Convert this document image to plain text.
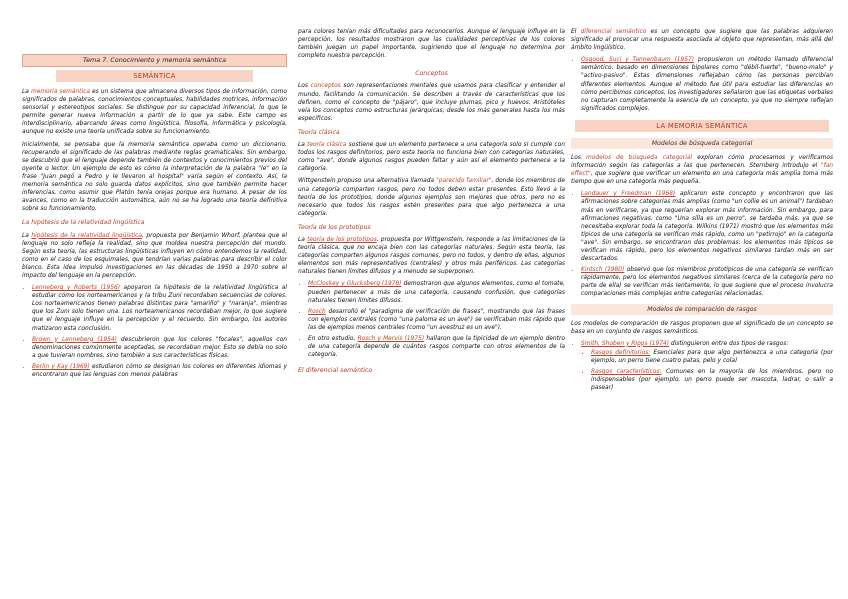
Tema 7. Conocimiento y memoria semántica
SEMÁNTICA

La memoria semántica es un sistema que almacena diversos tipos de información, como significados de palabras, conocimientos conceptuales, habilidades motrices, información sensorial y estereotipos sociales. Se distingue por su capacidad inferencial, lo que le permite generar nueva información a partir de lo que ya sabe. Este campo es interdisciplinario, abarcando áreas como lingüística, filosofía, informática y psicología, aunque no existe una teoría unificada sobre su funcionamiento.

Inicialmente, se pensaba que la memoria semántica operaba como un diccionario, recuperando el significado de las palabras mediante reglas gramaticales. Sin embargo, se descubrió que el lenguaje depende también de contextos y conocimientos previos del oyente o lector. Un ejemplo de esto es cómo la interpretación de la palabra "le" en la frase "Juan pegó a Pedro y le llevaron al hospital" varía según el contexto. Así, la memoria semántica no solo guarda datos explícitos, sino que también permite hacer inferencias, como asumir que Platón tenía orejas porque era humano. A pesar de los avances, como en la traducción automática, aún no se ha logrado una teoría definitiva sobre su funcionamiento.

La hipótesis de la relatividad lingüística

La hipótesis de la relatividad lingüística, propuesta por Benjamin Whorf, plantea que el lenguaje no solo refleja la realidad, sino que moldea nuestra percepción del mundo. Según esta teoría, las estructuras lingüísticas influyen en cómo entendemos la realidad, como en el caso de los esquimales, que tendrían varias palabras para describir el color blanco. Esta idea impulsó investigaciones en las décadas de 1950 a 1970 sobre el impacto del lenguaje en la percepción.

• Lenneberg y Roberts (1956) apoyaron la hipótesis de la relatividad lingüística al estudiar cómo los norteamericanos y la tribu Zuni recordaban secuencias de colores. Los norteamericanos tienen palabras distintas para "amarillo" y "naranja", mientras que los Zuni solo tienen una. Los norteamericanos recordaban mejor, lo que sugiere que el lenguaje influye en la percepción y el recuerdo. Sin embargo, los autores matizaron esta conclusión.
• Brown y Lenneberg (1954) descubrieron que los colores "focales", aquellos con denominaciones comúnmente aceptadas, se recordaban mejor. Esto se debía no solo a que tuvieran nombres, sino también a sus características físicas.
• Berlin y Kay (1969) estudiaron cómo se designan los colores en diferentes idiomas y encontraron que las lenguas con menos palabras

para colores tenían más dificultades para reconocerlos. Aunque el lenguaje influye en la percepción, los resultados mostraron que las cualidades perceptivas de los colores también juegan un papel importante, sugiriendo que el lenguaje no determina por completo nuestra percepción.

Conceptos

Los conceptos son representaciones mentales que usamos para clasificar y entender el mundo, facilitando la comunicación. Se describen a través de características que los definen, como el concepto de "pájaro", que incluye plumas, pico y huevos. Aristóteles veía los conceptos como estructuras jerárquicas, desde los más generales hasta los más específicos.

Teoría clásica

La teoría clásica sostiene que un elemento pertenece a una categoría solo si cumple con todos los rasgos definitorios, pero esta teoría no funciona bien con categorías naturales, como "ave", donde algunos rasgos pueden faltar y aún así el elemento pertenece a la categoría.

Wittgenstein propuso una alternativa llamada "parecido familiar", donde los miembros de una categoría comparten rasgos, pero no todos deben estar presentes. Esto llevó a la teoría de los prototipos, donde algunos ejemplos son mejores que otros, pero no es necesario que todos los rasgos estén presentes para que algo pertenezca a una categoría.

Teoría de los prototipos

La teoría de los prototipos, propuesta por Wittgenstein, responde a las limitaciones de la teoría clásica, que no encaja bien con las categorías naturales. Según esta teoría, las categorías comparten algunos rasgos comunes, pero no todos, y dentro de ellas, algunos elementos son más representativos (centrales) y otros más periféricos. Las categorías naturales tienen límites difusos y a menudo se superponen.

• McCloskey y Glucksberg (1978) demostraron que algunos elementos, como el tomate, pueden pertenecer a más de una categoría, causando confusión, que categorías naturales tienen límites difusos.
• Rosch desarrolló el "paradigma de verificación de frases", mostrando que las frases con ejemplos centrales (como "una paloma es un ave") se verificaban más rápido que las de ejemplos menos centrales (como "un avestruz es un ave").
• En otro estudio, Rosch y Mervis (1975) hallaron que la tipicidad de un ejemplo dentro de una categoría depende de cuántos rasgos comparte con otros elementos de la categoría.
El diferencial semántico

El diferencial semántico es un concepto que sugiere que las palabras adquieren significado al provocar una respuesta asociada al objeto que representan, más allá del ámbito lingüístico.

• Osgood, Suci y Tannenbaum (1957) propusieron un método llamado diferencial semántico, basado en dimensiones bipolares como "débil-fuerte", "bueno-malo" y "activo-pasivo". Estas dimensiones reflejaban cómo las personas percibían diferentes elementos. Aunque el método fue útil para estudiar las diferencias en cómo percibimos conceptos, los investigadores señalaron que las etiquetas verbales no capturan completamente la esencia de un concepto, ya que no siempre reflejan significados complejos.
LA MEMORIA SEMÁNTICA
Modelos de búsqueda categorial

Los modelos de búsqueda categorial exploran cómo procesamos y verificamos información según las categorías a las que pertenecen. Sternberg introdujo el "fan effect", que sugiere que verificar un elemento en una categoría más amplia toma más tiempo que en una categoría más pequeña.

• Landauer y Freedman (1968) aplicaron este concepto y encontraron que las afirmaciones sobre categorías más amplias (como "un collie es un animal") tardaban más en verificarse, ya que requerían explorar más información. Sin embargo, para afirmaciones negativas, como "Una silla es un perro", se tardaba más, ya que se necesitaba explorar toda la categoría. Wilkins (1971) mostró que los elementos más típicos de una categoría se verifican más rápido, como un "petirrojo" en la categoría "ave". Sin embargo, se encontraron dos problemas: los elementos más típicos se verifican más rápido, pero los elementos negativos similares tardan más en ser descartados.
• Kintsch (1980) observó que los miembros prototípicos de una categoría se verifican rápidamente, pero los elementos negativos similares (cerca de la categoría pero no parte de ella) se verifican más lentamente, lo que sugiere que el proceso involucra comparaciones más complejas entre categorías relacionadas.
Modelos de comparación de rasgos

Los modelos de comparación de rasgos proponen que el significado de un concepto se basa en un conjunto de rasgos semánticos.

• Smith, Shoben y Ripps (1974) distinguieron entre dos tipos de rasgos:
▪ Rasgos definitorios: Esenciales para que algo pertenezca a una categoría (por ejemplo, un perro tiene cuatro patas, pelo y cola)
▪ Rasgos característicos: Comunes en la mayoría de los miembros, pero no indispensables (por ejemplo, un perro puede ser mascota, ladrar, o salir a pasear)
